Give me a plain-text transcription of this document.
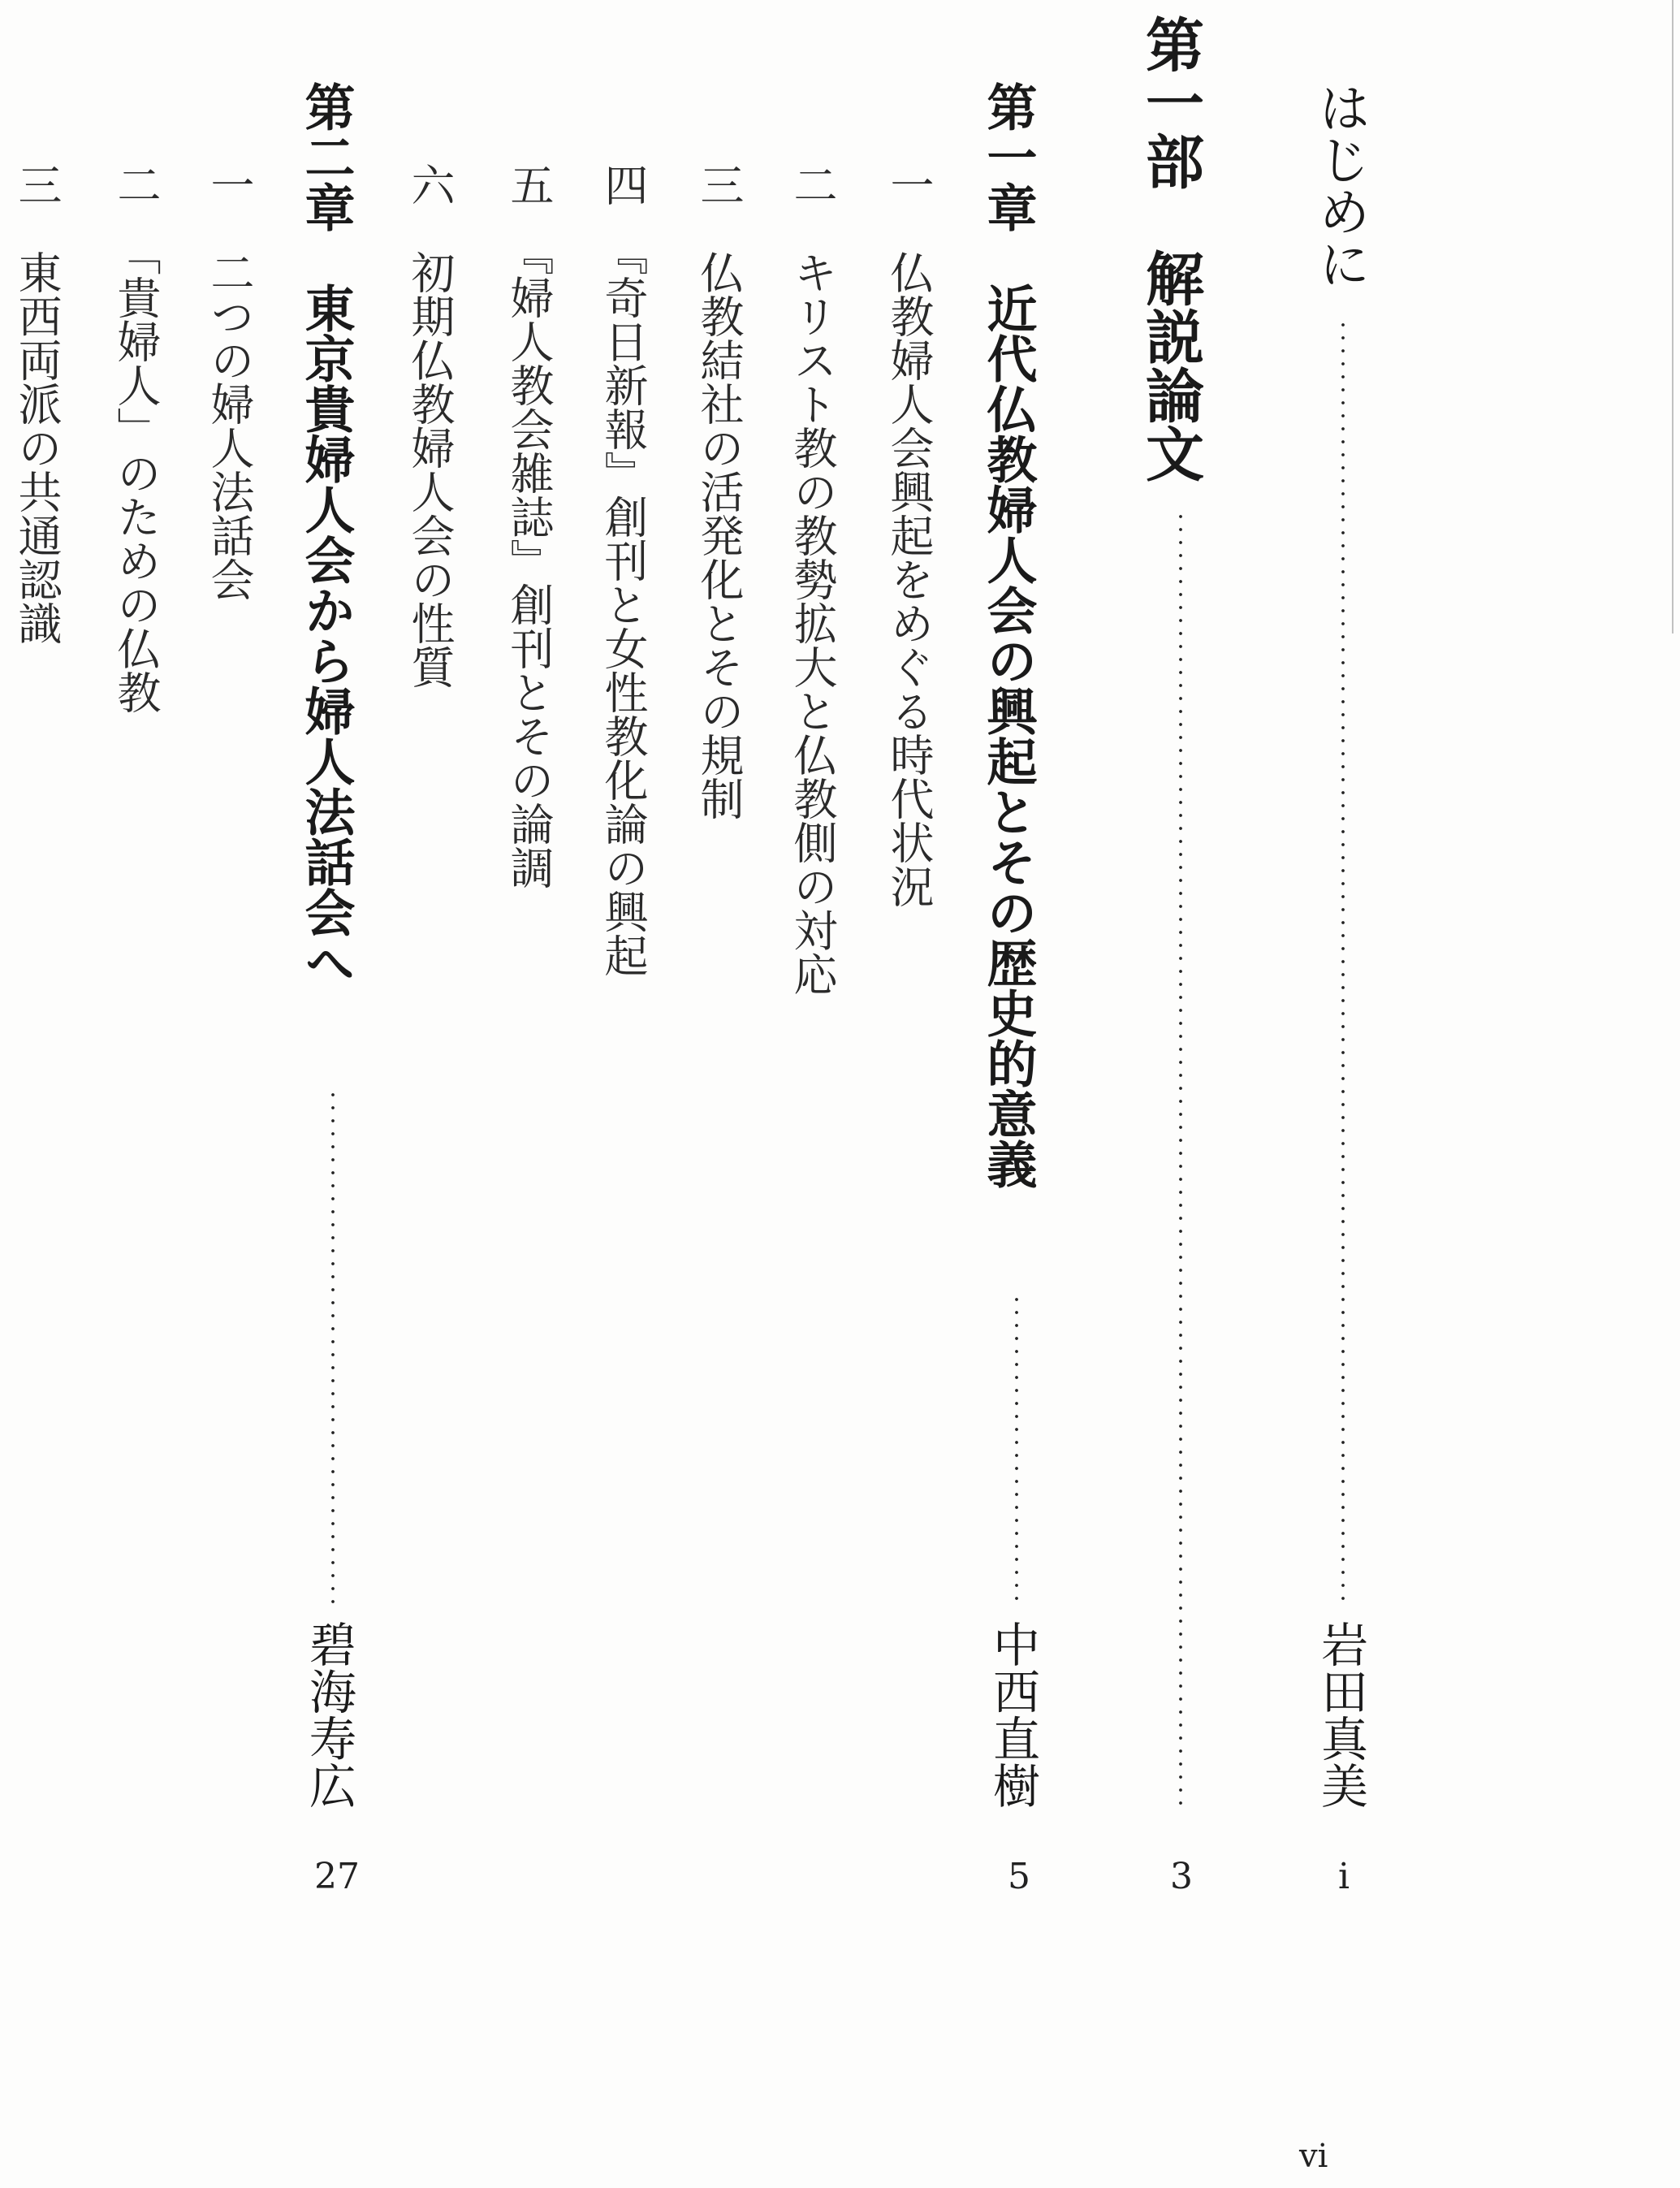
はじめに
岩田真美
i
第一部　解説論文
3
第一章　近代仏教婦人会の興起とその歴史的意義
中西直樹
5
一
仏教婦人会興起をめぐる時代状況
二
キリスト教の教勢拡大と仏教側の対応
三
仏教結社の活発化とその規制
四
『奇日新報』創刊と女性教化論の興起
五
『婦人教会雑誌』創刊とその論調
六
初期仏教婦人会の性質
第二章　東京貴婦人会から婦人法話会へ
碧海寿広
27
一
二つの婦人法話会
二
「貴婦人」のための仏教
三
東西両派の共通認識
vi
